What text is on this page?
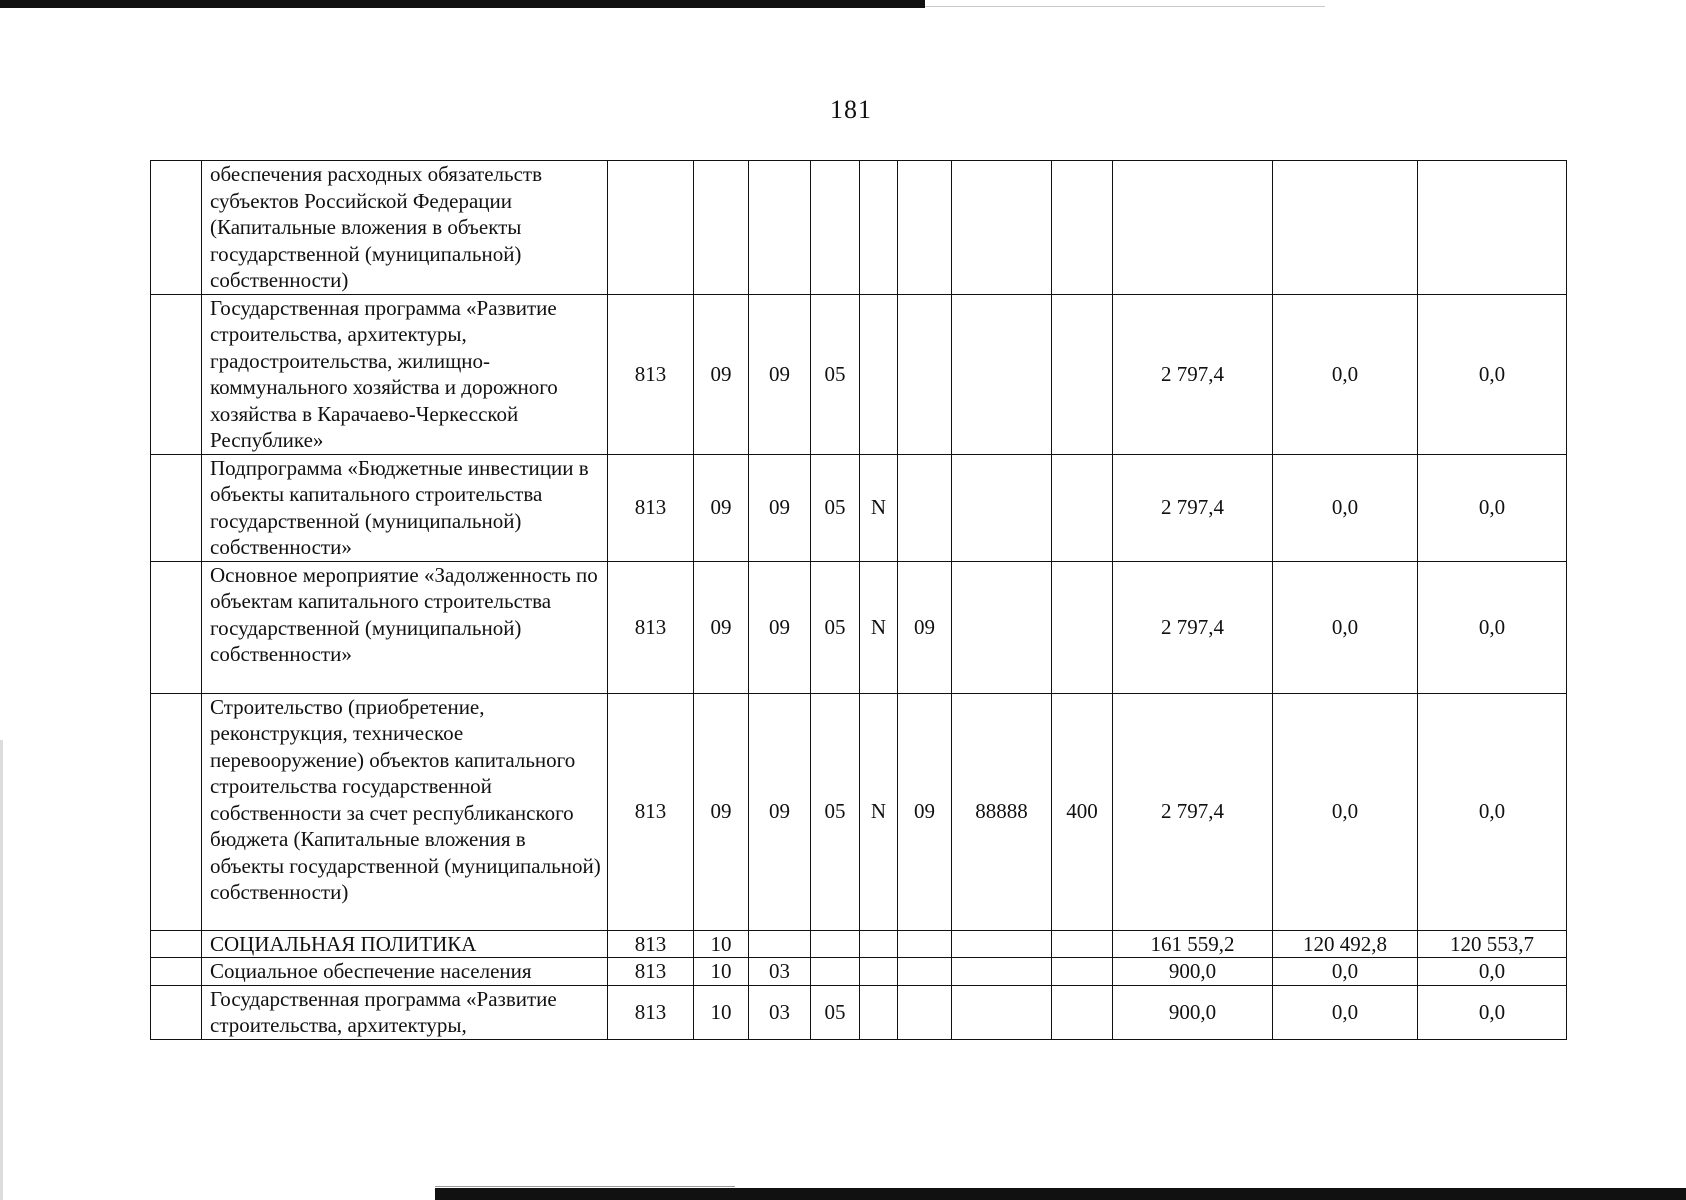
181
	обеспечения расходных обязательств субъектов Российской Федерации (Капитальные вложения в объекты государственной (муниципальной) собственности)											
	Государственная программа «Развитие строительства, архитектуры, градостроительства, жилищно-коммунального хозяйства и дорожного хозяйства в Карачаево-Черкесской Республике»	813	09	09	05					2 797,4	0,0	0,0
	Подпрограмма «Бюджетные инвестиции в объекты капитального строительства государственной (муниципальной) собственности»	813	09	09	05	N				2 797,4	0,0	0,0
	Основное мероприятие «Задолженность по объектам капитального строительства государственной (муниципальной) собственности»	813	09	09	05	N	09			2 797,4	0,0	0,0
	Строительство (приобретение, реконструкция, техническое перевооружение) объектов капитального строительства государственной собственности за счет республиканского бюджета (Капитальные вложения в объекты государственной (муниципальной) собственности)	813	09	09	05	N	09	88888	400	2 797,4	0,0	0,0
	СОЦИАЛЬНАЯ ПОЛИТИКА	813	10							161 559,2	120 492,8	120 553,7
	Социальное обеспечение населения	813	10	03						900,0	0,0	0,0
	Государственная программа «Развитие строительства, архитектуры,	813	10	03	05					900,0	0,0	0,0
